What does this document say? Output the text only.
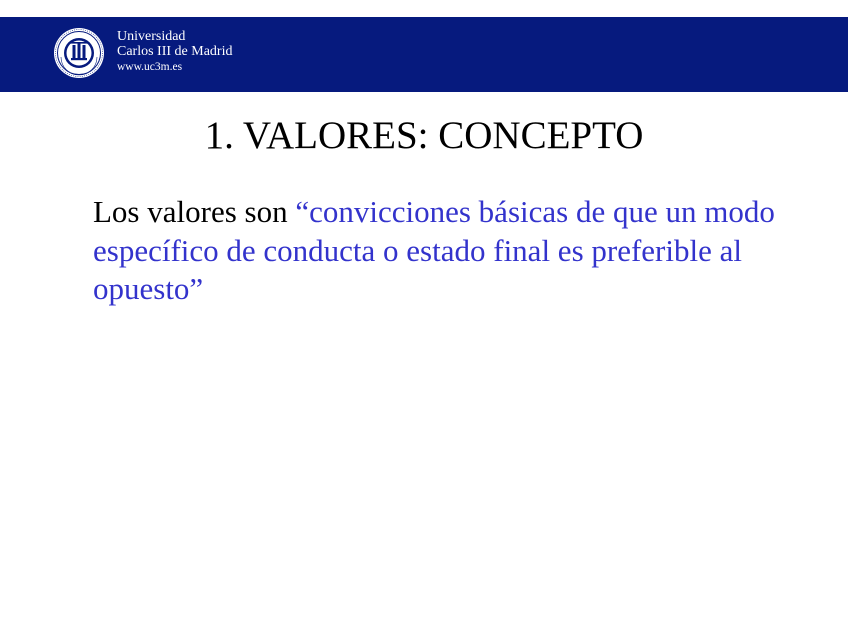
Universidad
Carlos III de Madrid
www.uc3m.es
1. VALORES: CONCEPTO

Los valores son “convicciones básicas de que un modo específico de conducta o estado final es preferible al opuesto”
